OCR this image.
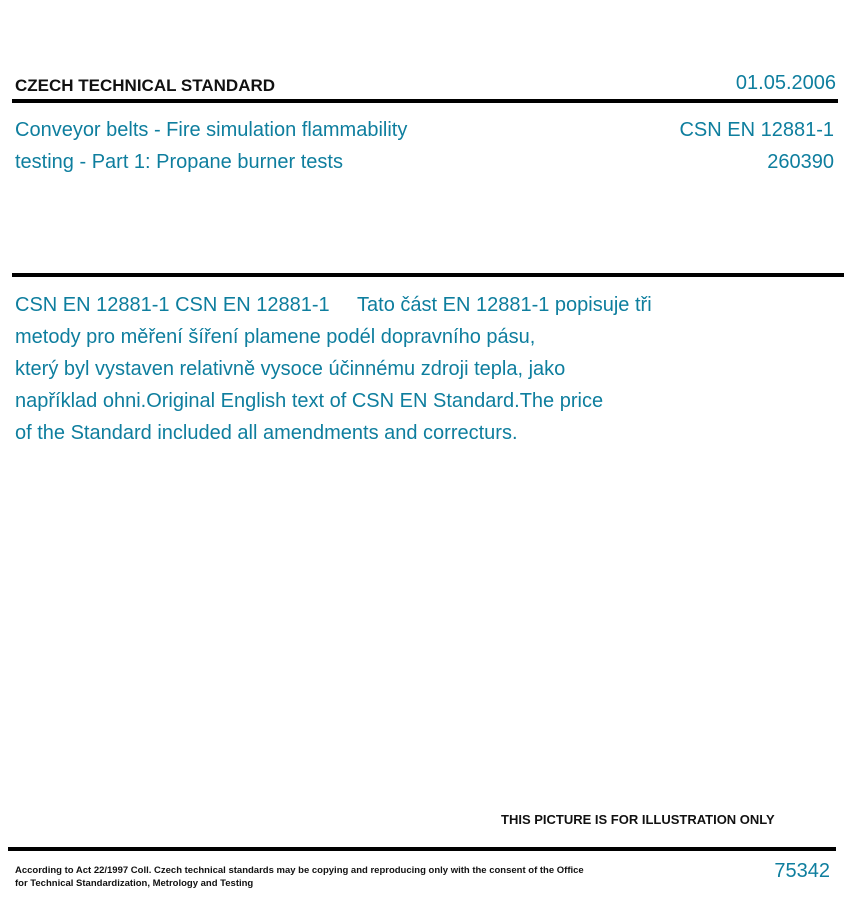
CZECH TECHNICAL STANDARD	01.05.2006
Conveyor belts - Fire simulation flammability
testing - Part 1: Propane burner tests
CSN EN 12881-1
260390
CSN EN 12881-1 CSN EN 12881-1     Tato část EN 12881-1 popisuje tři
metody pro měření šíření plamene podél dopravního pásu,
který byl vystaven relativně vysoce účinnému zdroji tepla, jako
například ohni.Original English text of CSN EN Standard.The price
of the Standard included all amendments and correcturs.
THIS PICTURE IS FOR ILLUSTRATION ONLY
According to Act 22/1997 Coll. Czech technical standards may be copying and reproducing only with the consent of the Office
for Technical Standardization, Metrology and Testing
75342
